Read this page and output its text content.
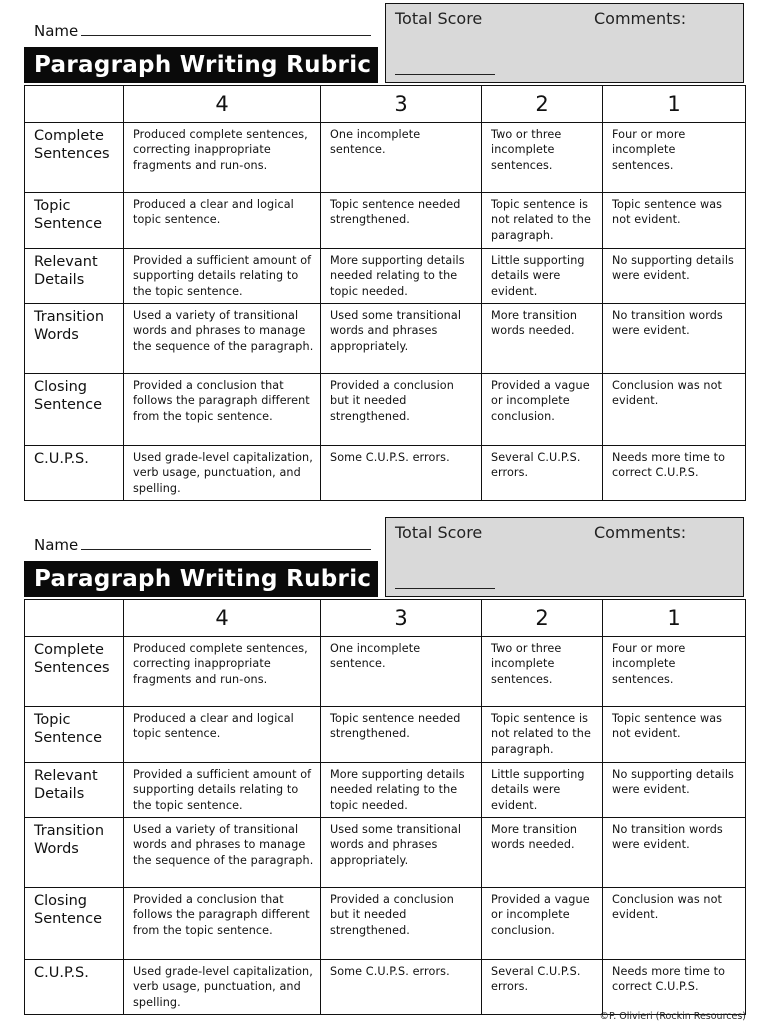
Name
Paragraph Writing Rubric
Total Score	Comments:
	4	3	2	1
Complete Sentences	Produced complete sentences, correcting inappropriate fragments and run-ons.	One incomplete sentence.	Two or three incomplete sentences.	Four or more incomplete sentences.
Topic Sentence	Produced a clear and logical topic sentence.	Topic sentence needed strengthened.	Topic sentence is not related to the paragraph.	Topic sentence was not evident.
Relevant Details	Provided a sufficient amount of supporting details relating to the topic sentence.	More supporting details needed relating to the topic needed.	Little supporting details were evident.	No supporting details were evident.
Transition Words	Used a variety of transitional words and phrases to manage the sequence of the paragraph.	Used some transitional words and phrases appropriately.	More transition words needed.	No transition words were evident.
Closing Sentence	Provided a conclusion that follows the paragraph different from the topic sentence.	Provided a conclusion but it needed strengthened.	Provided a vague or incomplete conclusion.	Conclusion was not evident.
C.U.P.S.	Used grade-level capitalization, verb usage, punctuation, and spelling.	Some C.U.P.S. errors.	Several C.U.P.S. errors.	Needs more time to correct C.U.P.S.
Name
Paragraph Writing Rubric
Total Score	Comments:
	4	3	2	1
Complete Sentences	Produced complete sentences, correcting inappropriate fragments and run-ons.	One incomplete sentence.	Two or three incomplete sentences.	Four or more incomplete sentences.
Topic Sentence	Produced a clear and logical topic sentence.	Topic sentence needed strengthened.	Topic sentence is not related to the paragraph.	Topic sentence was not evident.
Relevant Details	Provided a sufficient amount of supporting details relating to the topic sentence.	More supporting details needed relating to the topic needed.	Little supporting details were evident.	No supporting details were evident.
Transition Words	Used a variety of transitional words and phrases to manage the sequence of the paragraph.	Used some transitional words and phrases appropriately.	More transition words needed.	No transition words were evident.
Closing Sentence	Provided a conclusion that follows the paragraph different from the topic sentence.	Provided a conclusion but it needed strengthened.	Provided a vague or incomplete conclusion.	Conclusion was not evident.
C.U.P.S.	Used grade-level capitalization, verb usage, punctuation, and spelling.	Some C.U.P.S. errors.	Several C.U.P.S. errors.	Needs more time to correct C.U.P.S.
©P. Olivieri (Rockin Resources)
